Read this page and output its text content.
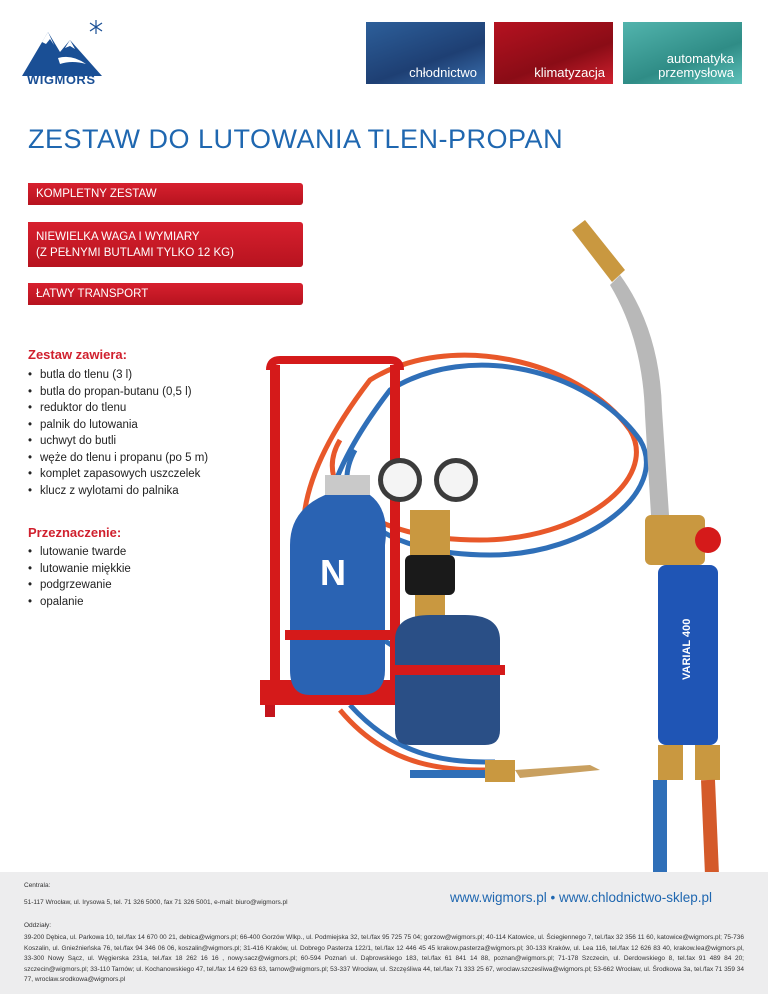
WIGMORS	chłodnictwo	klimatyzacja
automatyka
przemysłowa
ZESTAW DO LUTOWANIA TLEN-PROPAN
KOMPLETNY ZESTAW
NIEWIELKA WAGA I WYMIARY
(Z PEŁNYMI BUTLAMI TYLKO 12 KG)
ŁATWY TRANSPORT
Zestaw zawiera:
• butla do tlenu (3 l)
• butla do propan-butanu (0,5 l)
• reduktor do tlenu
• palnik do lutowania
• uchwyt do butli
• węże do tlenu i propanu (po 5 m)
• komplet zapasowych uszczelek
• klucz z wylotami do palnika
Przeznaczenie:
• lutowanie twarde
• lutowanie miękkie
• podgrzewanie
• opalanie
N
VARIAL 400
Centrala:
51-117 Wrocław, ul. Irysowa 5, tel. 71 326 5000, fax 71 326 5001, e-mail: biuro@wigmors.pl	www.wigmors.pl • www.chlodnictwo-sklep.pl
Oddziały:
39-200 Dębica, ul. Parkowa 10, tel./fax 14 670 00 21, debica@wigmors.pl; 66-400 Gorzów Wlkp., ul. Podmiejska 32, tel./fax 95 725 75 04; gorzow@wigmors.pl; 40-114 Katowice, ul. Ściegiennego 7, tel./fax 32 356 11 60, katowice@wigmors.pl; 75-736 Koszalin, ul. Gnieźnieńska 76, tel./fax 94 346 06 06, koszalin@wigmors.pl; 31-416 Kraków, ul. Dobrego Pasterza 122/1, tel./fax 12 446 45 45 krakow.pasterza@wigmors.pl; 30-133 Kraków, ul. Lea 116, tel./fax 12 626 83 40, krakow.lea@wigmors.pl, 33-300 Nowy Sącz, ul. Węgierska 231a, tel./fax 18 262 16 16 , nowy.sacz@wigmors.pl; 60-594 Poznań ul. Dąbrowskiego 183, tel./fax 61 841 14 88, poznan@wigmors.pl; 71-178 Szczecin, ul. Derdowskiego 8, tel.fax 91 489 84 20; szczecin@wigmors.pl; 33-110 Tarnów; ul. Kochanowskiego 47, tel./fax 14 629 63 63, tarnow@wigmors.pl; 53-337 Wrocław, ul. Szczęśliwa 44, tel./fax 71 333 25 67, wroclaw.szczesliwa@wigmors.pl; 53-662 Wrocław, ul. Środkowa 3a, tel./fax 71 359 34 77, wroclaw.srodkowa@wigmors.pl
